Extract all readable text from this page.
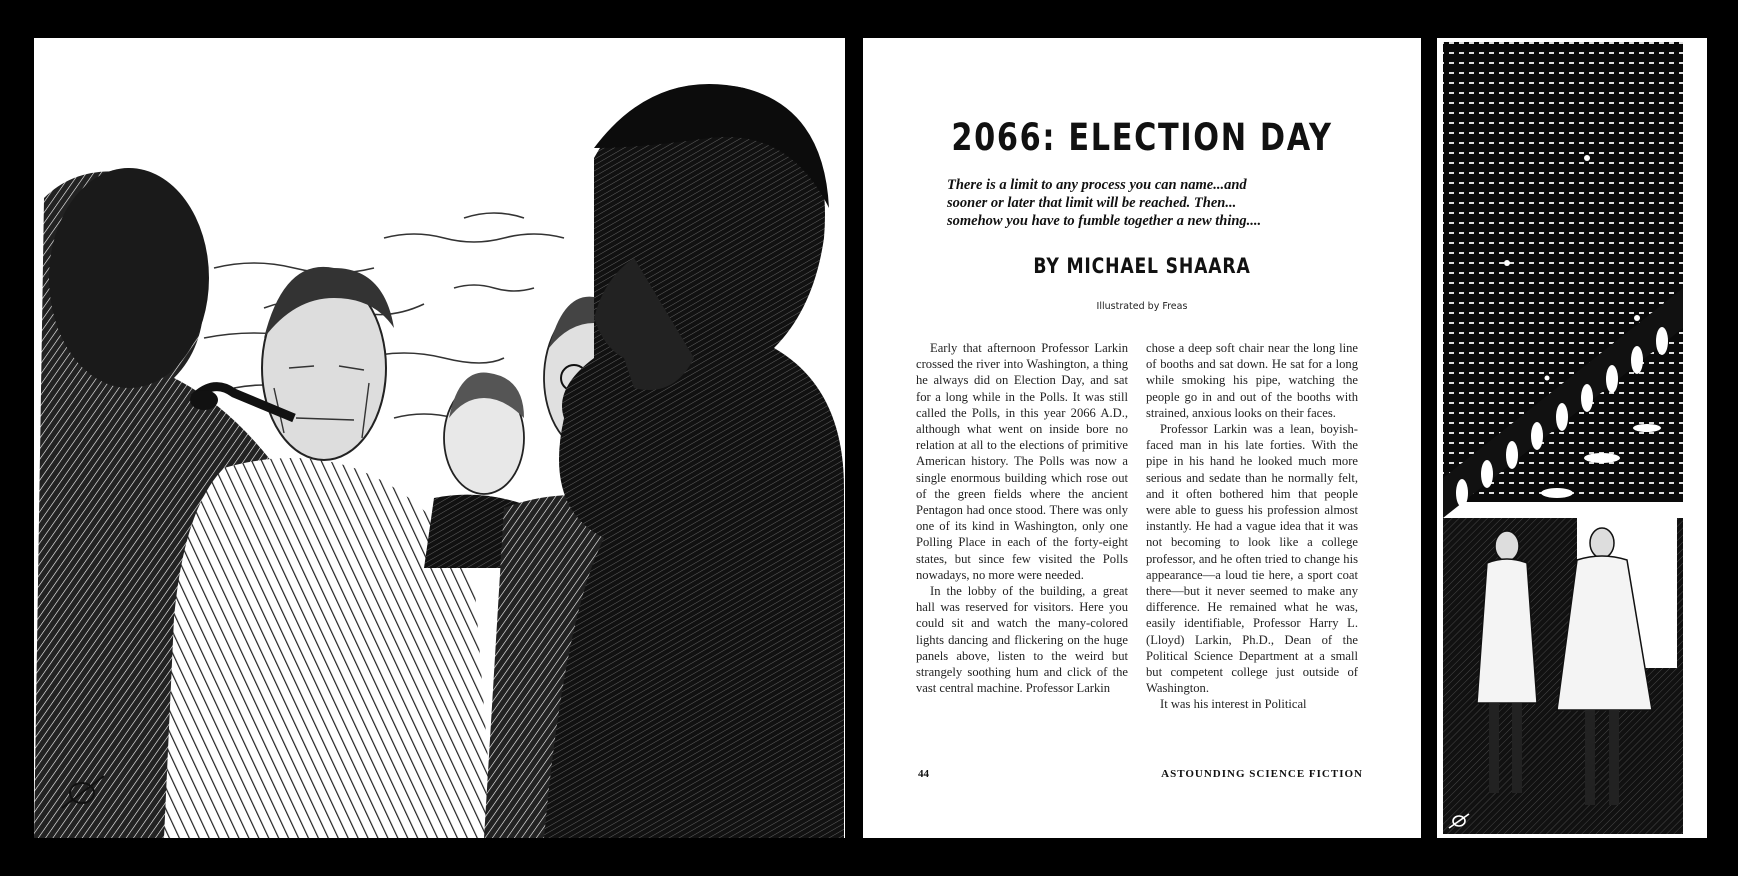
2066: ELECTION DAY
There is a limit to any process you can name...and
sooner or later that limit will be reached. Then...
somehow you have to fumble together a new thing....
BY MICHAEL SHAARA
Illustrated by Freas

Early that afternoon Professor Larkin crossed the river into Washington, a thing he always did on Election Day, and sat for a long while in the Polls. It was still called the Polls, in this year 2066 A.D., although what went on inside bore no relation at all to the elections of primitive American history. The Polls was now a single enormous building which rose out of the green fields where the ancient Pentagon had once stood. There was only one of its kind in Washington, only one Polling Place in each of the forty-eight states, but since few visited the Polls nowadays, no more were needed.

In the lobby of the building, a great hall was reserved for visitors. Here you could sit and watch the many-colored lights dancing and flickering on the huge panels above, listen to the weird but strangely soothing hum and click of the vast central machine. Professor Larkin

chose a deep soft chair near the long line of booths and sat down. He sat for a long while smoking his pipe, watching the people go in and out of the booths with strained, anxious looks on their faces.

Professor Larkin was a lean, boyish-faced man in his late forties. With the pipe in his hand he looked much more serious and sedate than he normally felt, and it often bothered him that people were able to guess his profession almost instantly. He had a vague idea that it was not becoming to look like a college professor, and he often tried to change his appearance—a loud tie here, a sport coat there—but it never seemed to make any difference. He remained what he was, easily identifiable, Professor Harry L. (Lloyd) Larkin, Ph.D., Dean of the Political Science Department at a small but competent college just outside of Washington.

It was his interest in Political

44	ASTOUNDING SCIENCE FICTION
